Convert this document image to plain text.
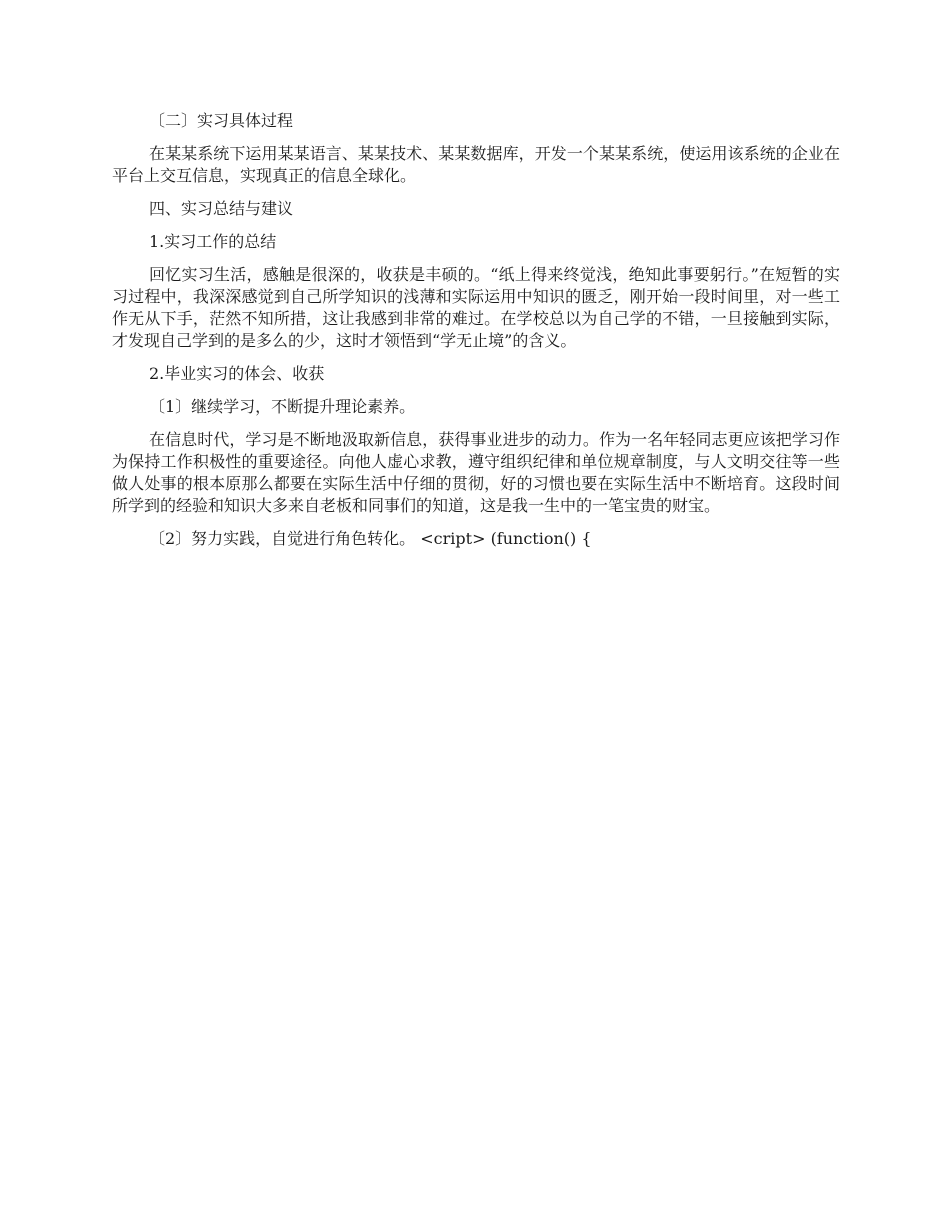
〔二〕实习具体过程

在某某系统下运用某某语言、某某技术、某某数据库，开发一个某某系统，使运用该系统的企业在平台上交互信息，实现真正的信息全球化。

四、实习总结与建议

1.实习工作的总结

回忆实习生活，感触是很深的，收获是丰硕的。“纸上得来终觉浅，绝知此事要躬行。”在短暂的实习过程中，我深深感觉到自己所学知识的浅薄和实际运用中知识的匮乏，刚开始一段时间里，对一些工作无从下手，茫然不知所措，这让我感到非常的难过。在学校总以为自己学的不错，一旦接触到实际，才发现自己学到的是多么的少，这时才领悟到“学无止境”的含义。

2.毕业实习的体会、收获

〔1〕继续学习，不断提升理论素养。

在信息时代，学习是不断地汲取新信息，获得事业进步的动力。作为一名年轻同志更应该把学习作为保持工作积极性的重要途径。向他人虚心求教，遵守组织纪律和单位规章制度，与人文明交往等一些做人处事的根本原那么都要在实际生活中仔细的贯彻，好的习惯也要在实际生活中不断培育。这段时间所学到的经验和知识大多来自老板和同事们的知道，这是我一生中的一笔宝贵的财宝。

〔2〕努力实践，自觉进行角色转化。 <cript> (function() {
